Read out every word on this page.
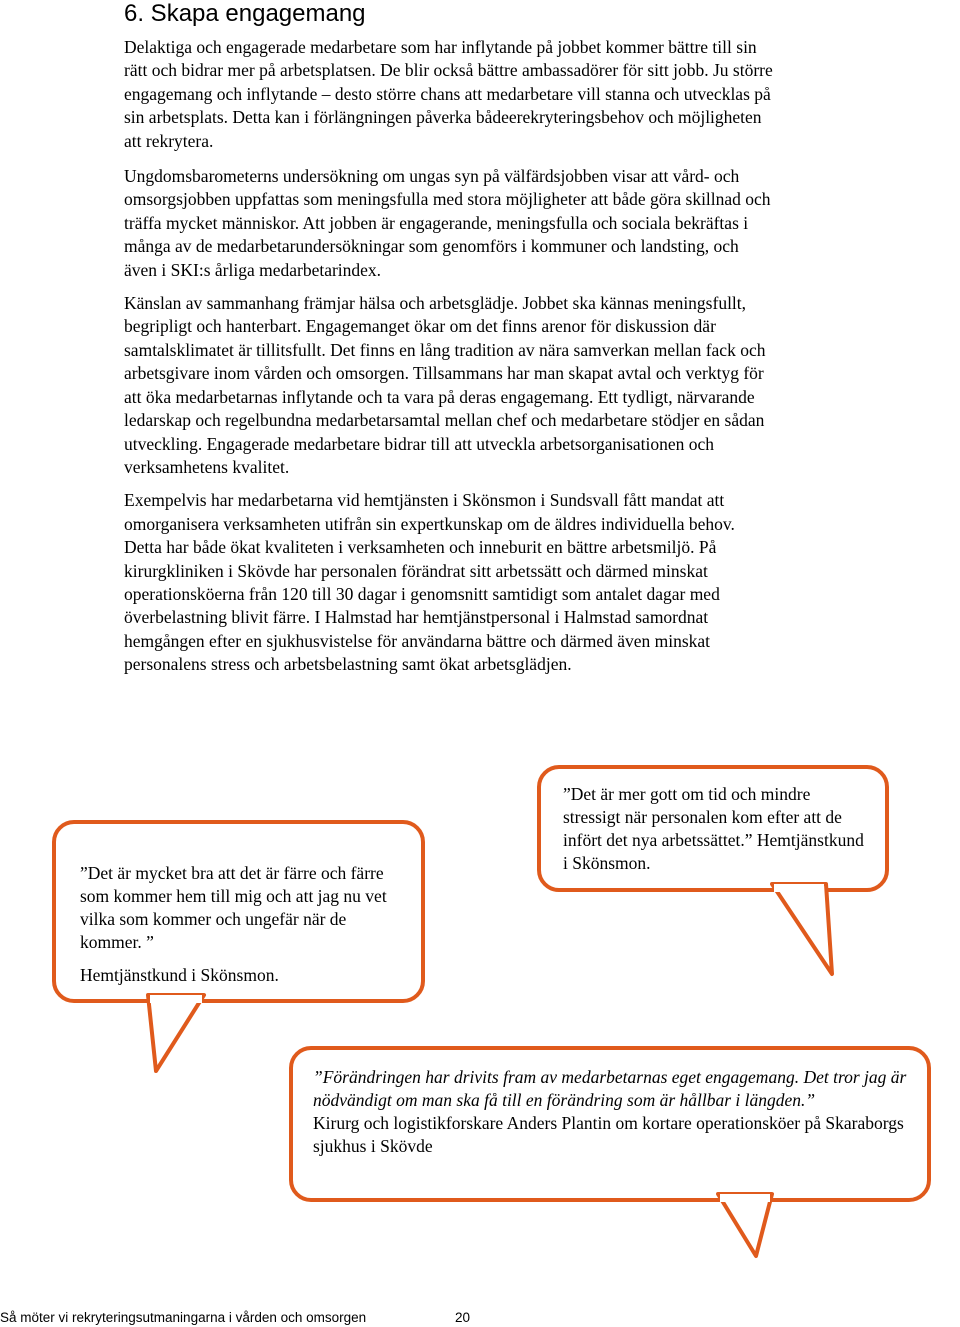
6. Skapa engagemang

Delaktiga och engagerade medarbetare som har inflytande på jobbet kommer bättre till sin rätt och bidrar mer på arbetsplatsen. De blir också bättre ambassadörer för sitt jobb. Ju större engagemang och inflytande – desto större chans att medarbetare vill stanna och utvecklas på sin arbetsplats. Detta kan i förlängningen påverka bådeerekryteringsbehov och möjligheten att rekrytera.

Ungdomsbarometerns undersökning om ungas syn på välfärdsjobben visar att vård- och omsorgsjobben uppfattas som meningsfulla med stora möjligheter att både göra skillnad och träffa mycket människor. Att jobben är engagerande, meningsfulla och sociala bekräftas i många av de medarbetarundersökningar som genomförs i kommuner och landsting, och även i SKI:s årliga medarbetarindex.

Känslan av sammanhang främjar hälsa och arbetsglädje. Jobbet ska kännas meningsfullt, begripligt och hanterbart. Engagemanget ökar om det finns arenor för diskussion där samtalsklimatet är tillitsfullt. Det finns en lång tradition av nära samverkan mellan fack och arbetsgivare inom vården och omsorgen. Tillsammans har man skapat avtal och verktyg för att öka medarbetarnas inflytande och ta vara på deras engagemang. Ett tydligt, närvarande ledarskap och regelbundna medarbetarsamtal mellan chef och medarbetare stödjer en sådan utveckling. Engagerade medarbetare bidrar till att utveckla arbetsorganisationen och verksamhetens kvalitet.

Exempelvis har medarbetarna vid hemtjänsten i Skönsmon i Sundsvall fått mandat att omorganisera verksamheten utifrån sin expertkunskap om de äldres individuella behov. Detta har både ökat kvaliteten i verksamheten och inneburit en bättre arbetsmiljö. På kirurgkliniken i Skövde har personalen förändrat sitt arbetssätt och därmed minskat operationsköerna från 120 till 30 dagar i genomsnitt samtidigt som antalet dagar med överbelastning blivit färre. I Halmstad har hemtjänstpersonal i Halmstad samordnat hemgången efter en sjukhusvistelse för användarna bättre och därmed även minskat personalens stress och arbetsbelastning samt ökat arbetsglädjen.

”Det är mycket bra att det är färre och färre som kommer hem till mig och att jag nu vet vilka som kommer och ungefär när de kommer. ”

Hemtjänstkund i Skönsmon.

”Det är mer gott om tid och mindre stressigt när personalen kom efter att de infört det nya arbetssättet.” Hemtjänstkund i Skönsmon.

”Förändringen har drivits fram av medarbetarnas eget engagemang. Det tror jag är nödvändigt om man ska få till en förändring som är hållbar i längden.”

Kirurg och logistikforskare Anders Plantin om kortare operationsköer på Skaraborgs sjukhus i Skövde

Så möter vi rekryteringsutmaningarna i vården och omsorgen	20
